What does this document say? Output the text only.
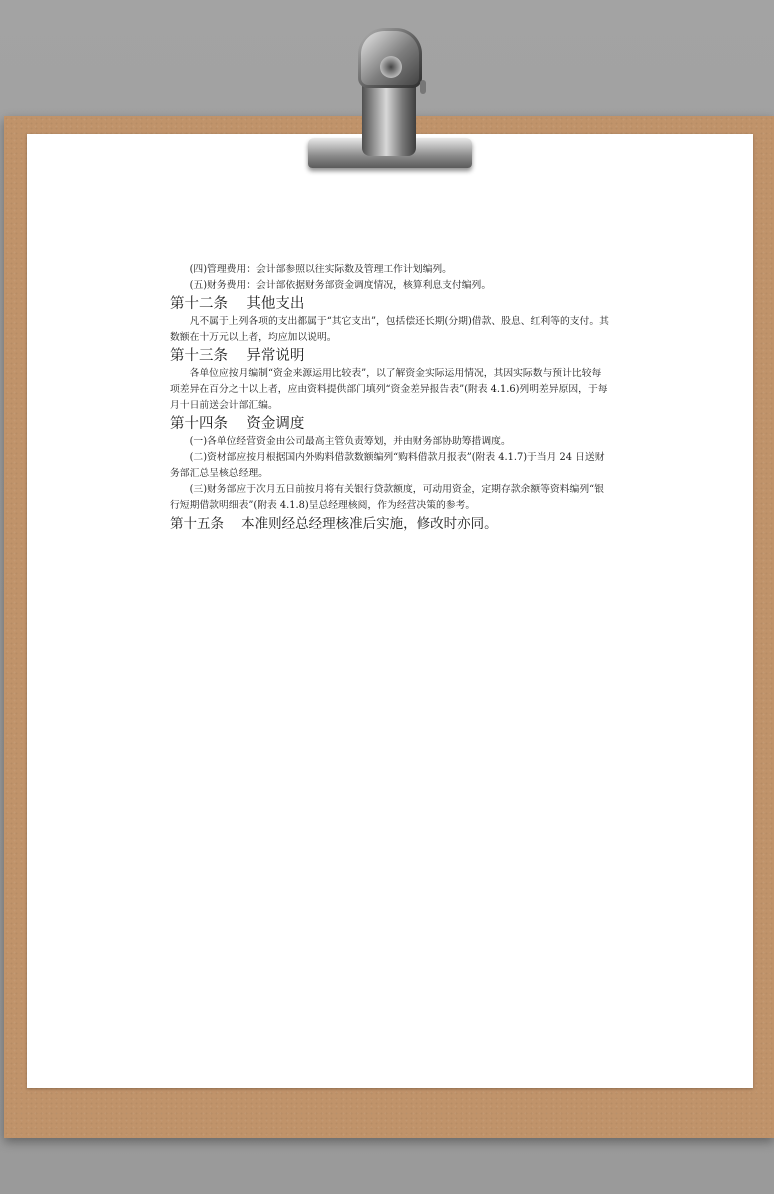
(四)管理费用：会计部参照以往实际数及管理工作计划编列。

(五)财务费用：会计部依据财务部资金调度情况，核算利息支付编列。

第十二条    其他支出

凡不属于上列各项的支出都属于“其它支出”，包括偿还长期(分期)借款、股息、红利等的支付。其数额在十万元以上者，均应加以说明。

第十三条    异常说明

各单位应按月编制“资金来源运用比较表”，以了解资金实际运用情况，其因实际数与预计比较每项差异在百分之十以上者，应由资料提供部门填列“资金差异报告表”(附表 4.1.6)列明差异原因，于每月十日前送会计部汇编。

第十四条    资金调度

(一)各单位经营资金由公司最高主管负责筹划，并由财务部协助筹措调度。

(二)资材部应按月根据国内外购料借款数额编列“购料借款月报表”(附表 4.1.7)于当月 24 日送财务部汇总呈核总经理。

(三)财务部应于次月五日前按月将有关银行贷款额度，可动用资金，定期存款余额等资料编列“银行短期借款明细表”(附表 4.1.8)呈总经理核阅，作为经营决策的参考。

第十五条    本准则经总经理核准后实施，修改时亦同。
